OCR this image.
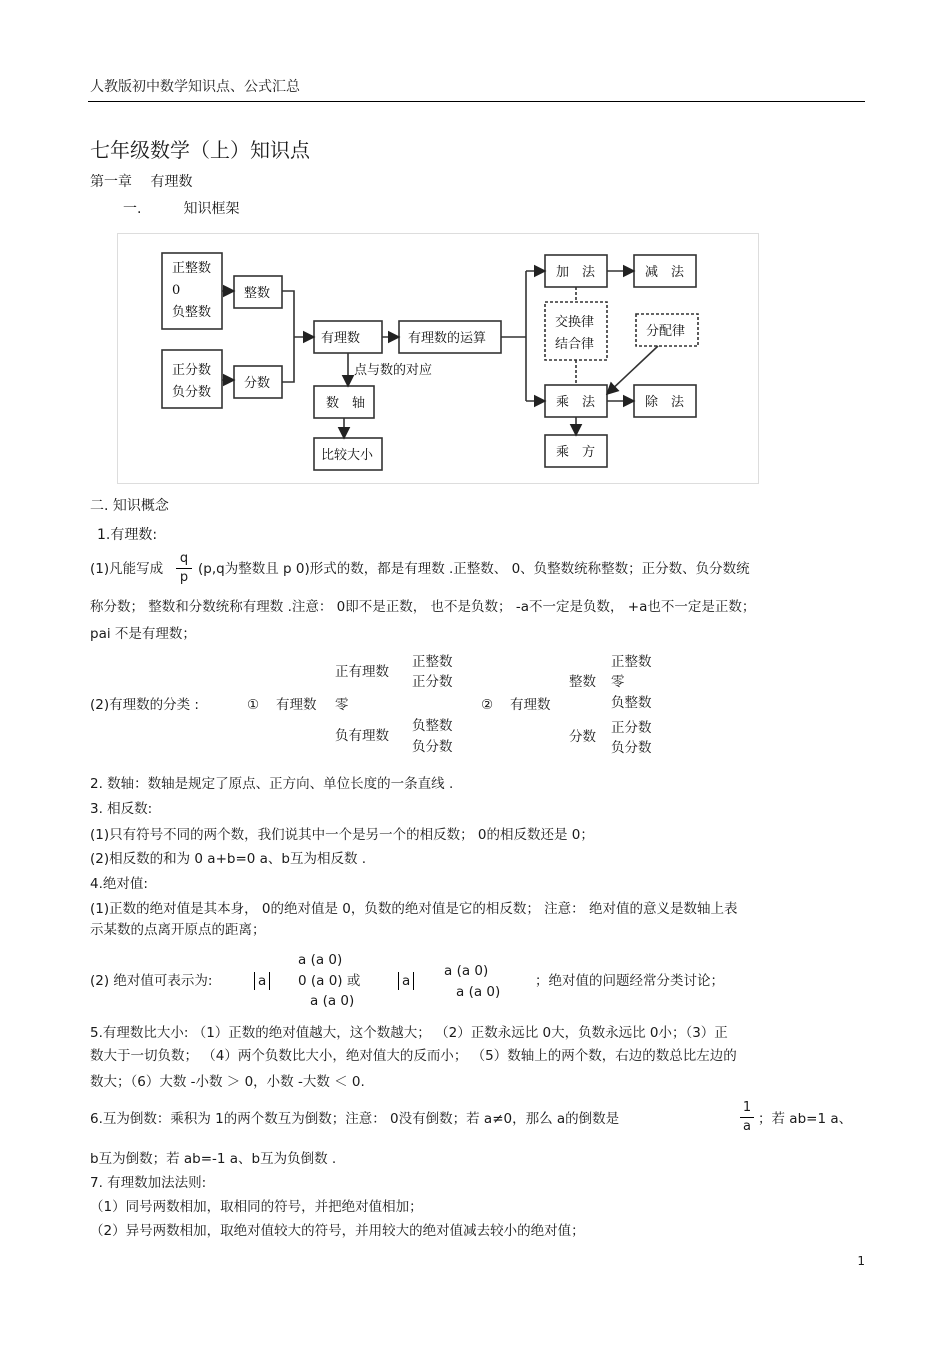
人教版初中数学知识点、公式汇总
七年级数学（上）知识点
第一章　 有理数
一.　　　知识框架
正整数
0
负整数
正分数
负分数
整数
分数
有理数	有理数的运算
点与数的对应
数　轴
比较大小
加　法	减　法
交换律
结合律
分配律
乘　法	除　法
乘　方
二. 知识概念
1.有理数:
(1)凡能写成
q
p
(p,q为整数且 p 0)形式的数，都是有理数 .正整数、 0、负整数统称整数；正分数、负分数统
称分数； 整数和分数统称有理数 .注意： 0即不是正数， 也不是负数； -a不一定是负数， +a也不一定是正数；
pai 不是有理数；
(2)有理数的分类 :	① 有理数 零
正有理数
正整数
正分数
负有理数
负整数
负分数
② 有理数
整数
正整数
零
负整数
分数
正分数
负分数
2. 数轴：数轴是规定了原点、正方向、单位长度的一条直线 .
3. 相反数:
(1)只有符号不同的两个数，我们说其中一个是另一个的相反数； 0的相反数还是 0；
(2)相反数的和为 0 a+b=0 a、b互为相反数 .
4.绝对值:
(1)正数的绝对值是其本身， 0的绝对值是 0，负数的绝对值是它的相反数； 注意： 绝对值的意义是数轴上表
示某数的点离开原点的距离；
(2) 绝对值可表示为:	a
a (a 0)
0 (a 0) 或
a (a 0)
a
a (a 0)
a (a 0)
；绝对值的问题经常分类讨论；
5.有理数比大小: （1）正数的绝对值越大，这个数越大； （2）正数永远比 0大，负数永远比 0小；（3）正
数大于一切负数； （4）两个负数比大小，绝对值大的反而小； （5）数轴上的两个数，右边的数总比左边的
数大；（6）大数 -小数 ＞ 0，小数 -大数 ＜ 0.
6.互为倒数：乘积为 1的两个数互为倒数；注意： 0没有倒数；若 a≠0，那么 a的倒数是
1
a ；若 ab=1 a、
b互为倒数；若 ab=-1 a、b互为负倒数 .
7. 有理数加法法则:
（1）同号两数相加，取相同的符号，并把绝对值相加；
（2）异号两数相加，取绝对值较大的符号，并用较大的绝对值减去较小的绝对值；
1
